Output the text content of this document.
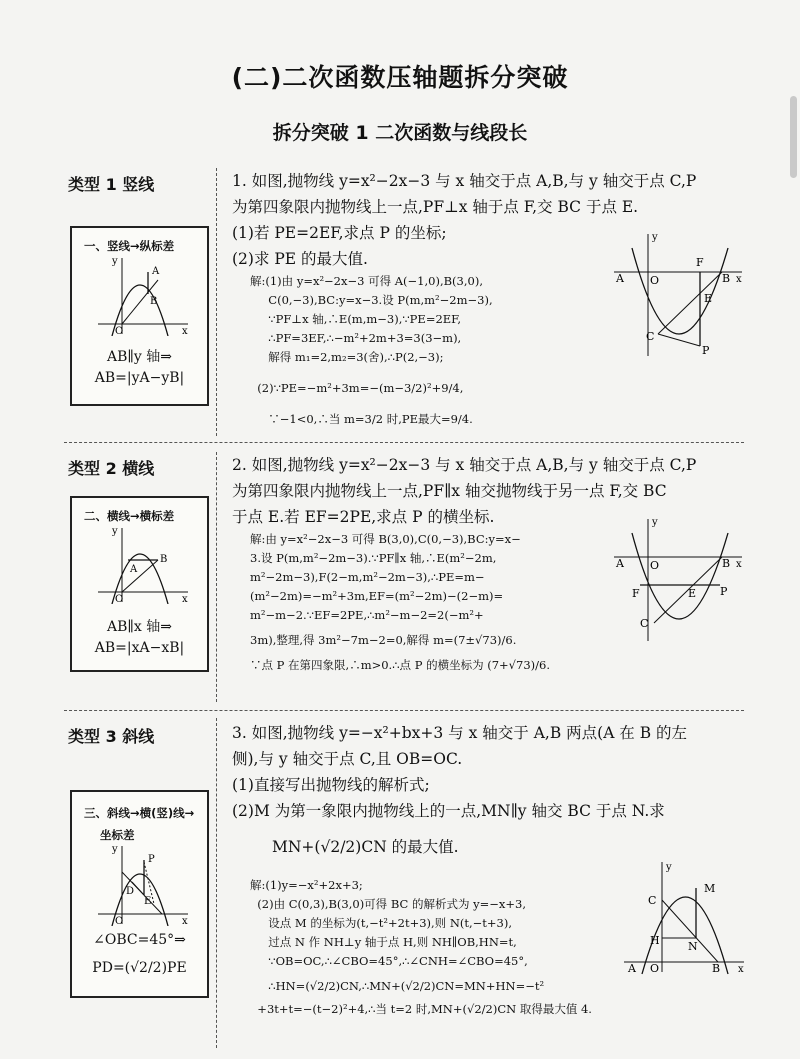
(二)二次函数压轴题拆分突破
拆分突破 1 二次函数与线段长
类型 1 竖线
一、竖线→纵标差
A
B
O	x
y
AB∥y 轴⇒
AB=|yA−yB|
1. 如图,抛物线 y=x²−2x−3 与 x 轴交于点 A,B,与 y 轴交于点 C,P
为第四象限内抛物线上一点,PF⊥x 轴于点 F,交 BC 于点 E.
(1)若 PE=2EF,求点 P 的坐标;
(2)求 PE 的最大值.
解:(1)由 y=x²−2x−3 可得 A(−1,0),B(3,0),
C(0,−3),BC:y=x−3.设 P(m,m²−2m−3),
∵PF⊥x 轴,∴E(m,m−3),∵PE=2EF,
∴PF=3EF,∴−m²+2m+3=3(3−m),
解得 m₁=2,m₂=3(舍),∴P(2,−3);
(2)∵PE=−m²+3m=−(m−3/2)²+9/4,
∵−1<0,∴当 m=3/2 时,PE最大=9/4.
y
A O
F
B x
E
C
P
类型 2 横线
二、横线→横标差
B
A
O	x
y
AB∥x 轴⇒
AB=|xA−xB|
2. 如图,抛物线 y=x²−2x−3 与 x 轴交于点 A,B,与 y 轴交于点 C,P
为第四象限内抛物线上一点,PF∥x 轴交抛物线于另一点 F,交 BC
于点 E.若 EF=2PE,求点 P 的横坐标.
解:由 y=x²−2x−3 可得 B(3,0),C(0,−3),BC:y=x−
3.设 P(m,m²−2m−3).∵PF∥x 轴,∴E(m²−2m,
m²−2m−3),F(2−m,m²−2m−3),∴PE=m−
(m²−2m)=−m²+3m,EF=(m²−2m)−(2−m)=
m²−m−2.∵EF=2PE,∴m²−m−2=2(−m²+
3m),整理,得 3m²−7m−2=0,解得 m=(7±√73)/6.
∵点 P 在第四象限,∴m>0.∴点 P 的横坐标为 (7+√73)/6.
y
A O	B x
F	E P
C
类型 3 斜线
三、斜线→横(竖)线→
坐标差
P
D
E
O	x
y
∠OBC=45°⇒
PD=(√2/2)PE
3. 如图,抛物线 y=−x²+bx+3 与 x 轴交于 A,B 两点(A 在 B 的左
侧),与 y 轴交于点 C,且 OB=OC.
(1)直接写出抛物线的解析式;
(2)M 为第一象限内抛物线上的一点,MN∥y 轴交 BC 于点 N.求
MN+(√2/2)CN 的最大值.
解:(1)y=−x²+2x+3;
(2)由 C(0,3),B(3,0)可得 BC 的解析式为 y=−x+3,
设点 M 的坐标为(t,−t²+2t+3),则 N(t,−t+3),
过点 N 作 NH⊥y 轴于点 H,则 NH∥OB,HN=t,
∵OB=OC,∴∠CBO=45°,∴∠CNH=∠CBO=45°,
∴HN=(√2/2)CN,∴MN+(√2/2)CN=MN+HN=−t²
+3t+t=−(t−2)²+4,∴当 t=2 时,MN+(√2/2)CN 取得最大值 4.
y
C
M
H	N
A O	B x
